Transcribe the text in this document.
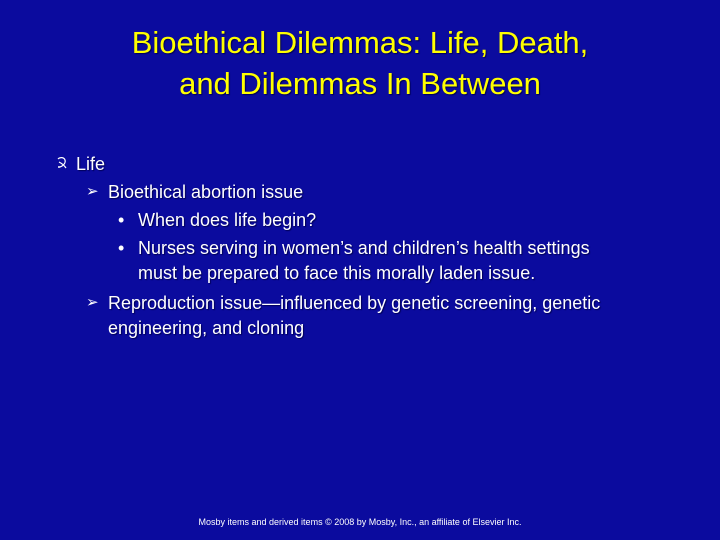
Bioethical Dilemmas: Life, Death,
and Dilemmas In Between
Life
➢ Bioethical abortion issue
• When does life begin?
• Nurses serving in women’s and children’s health settings
must be prepared to face this morally laden issue.
➢ Reproduction issue—influenced by genetic screening, genetic
engineering, and cloning
Mosby items and derived items © 2008 by Mosby, Inc., an affiliate of Elsevier Inc.
